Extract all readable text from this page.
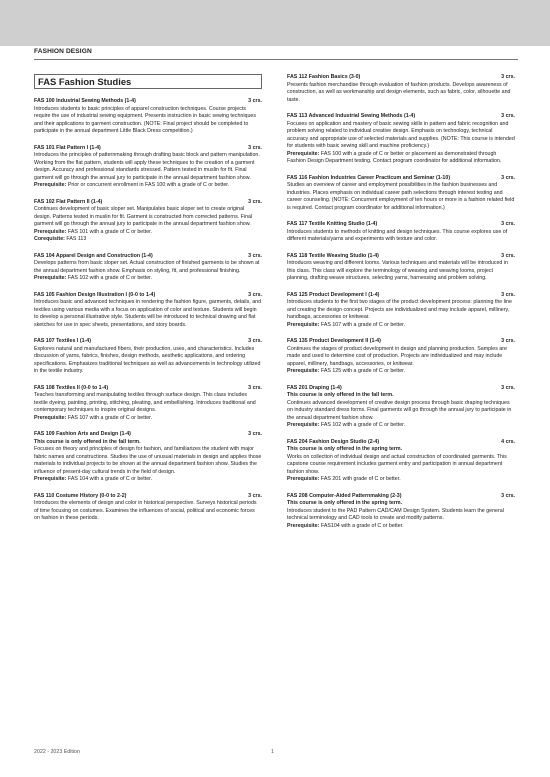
FASHION DESIGN
FAS Fashion Studies
FAS 100 Industrial Sewing Methods (1-4)	3 crs.

Introduces students to basic principles of apparel construction techniques. Course projects require the use of industrial sewing equipment. Presents instruction in basic sewing techniques and their applications to garment construction. (NOTE: Final project should be completed to participate in the annual department Little Black Dress competition.)

FAS 101 Flat Pattern I (1-4)	3 crs.

Introduces the principles of patternmaking through drafting basic block and pattern manipulation. Working from the flat pattern, students will apply these techniques to the creation of a garment design. Accuracy and professional standards stressed. Pattern tested in muslin for fit. Final garment will go through the annual jury to participate in the annual department fashion show.

Prerequisite: Prior or concurrent enrollment in FAS 100 with a grade of C or better.

FAS 102 Flat Pattern II (1-4)	3 crs.

Continues development of basic sloper set. Manipulates basic sloper set to create original design. Patterns tested in muslin for fit. Garment is constructed from corrected patterns. Final garment will go through the annual jury to participate in the annual department fashion show.

Prerequisite: FAS 101 with a grade of C or better.

Corequisite: FAS 113

FAS 104 Apparel Design and Construction (1-4)	3 crs.

Develops patterns from basic sloper set. Actual construction of finished garments to be shown at the annual department fashion show. Emphasis on styling, fit, and professional finishing.

Prerequisite: FAS 102 with a grade of C or better.

FAS 105 Fashion Design Illustration I (0-0 to 1-4)	3 crs.

Introduces basic and advanced techniques in rendering the fashion figure, garments, details, and textiles using various media with a focus on application of color and texture. Students will begin to develop a personal illustrative style. Students will be introduced to technical drawing and flat sketches for use in spec sheets, presentations, and story boards.

FAS 107 Textiles I (1-4)	3 crs.

Explores natural and manufactured fibers, their production, uses, and characteristics. Includes discussion of yarns, fabrics, finishes, design methods, aesthetic applications, and ordering specifications. Emphasizes traditional techniques as well as advancements in technology utilized in the textile industry.

FAS 108 Textiles II (0-0 to 1-4)	3 crs.

Teaches transforming and manipulating textiles through surface design. This class includes textile dyeing, painting, printing, stitching, pleating, and embellishing. Introduces traditional and contemporary techniques to inspire original designs.

Prerequisite: FAS 107 with a grade of C or better.

FAS 109 Fashion Arts and Design (1-4)	3 crs.
This course is only offered in the fall term.

Focuses on theory and principles of design for fashion, and familiarizes the student with major fabric names and constructions. Studies the use of unusual materials in design and applies those materials to individual projects to be shown at the annual department fashion show. Studies the influence of present-day cultural trends in the field of design.

Prerequisite: FAS 104 with a grade of C or better.

FAS 110 Costume History (0-0 to 2-2)	3 crs.

Introduces the elements of design and color in historical perspective. Surveys historical periods of time focusing on costumes. Examines the influences of social, political and economic forces on fashion in these periods.

FAS 112 Fashion Basics (3-0)	3 crs.

Presents fashion merchandise through evaluation of fashion products. Develops awareness of construction, as well as workmanship and design elements, such as fabric, color, silhouette and taste.

FAS 113 Advanced Industrial Sewing Methods (1-4)	3 crs.

Focuses on application and mastery of basic sewing skills in pattern and fabric recognition and problem solving related to individual creative design. Emphasis on technology, technical accuracy and appropriate use of selected materials and supplies. (NOTE: This course is intended for students with basic sewing skill and machine proficiency.)

Prerequisite: FAS 100 with a grade of C or better or placement as demonstrated through Fashion Design Department testing. Contact program coordinator for additional information.

FAS 116 Fashion Industries Career Practicum and Seminar (1-10)	3 crs.

Studies an overview of career and employment possibilities in the fashion businesses and industries. Places emphasis on individual career path selections through interest testing and career counseling. (NOTE: Concurrent employment of ten hours or more in a fashion related field is required. Contact program coordinator for additional information.)

FAS 117 Textile Knitting Studio (1-4)	3 crs.

Introduces students to methods of knitting and design techniques. This course explores use of different materials/yarns and experiments with texture and color.

FAS 118 Textile Weaving Studio (1-4)	3 crs.

Introduces weaving and different looms. Various techniques and materials will be introduced in this class. This class will explore the terminology of weaving and weaving looms, project planning, drafting weave structures, selecting yarns, harnessing and problem solving.

FAS 125 Product Development I (1-4)	3 crs.

Introduces students to the first two stages of the product development process: planning the line and creating the design concept. Projects are individualized and may include apparel, millinery, handbags, accessories or knitwear.

Prerequisite: FAS 107 with a grade of C or better.

FAS 135 Product Development II (1-4)	3 crs.

Continues the stages of product development in design and planning production. Samples are made and used to determine cost of production. Projects are individualized and may include apparel, millinery, handbags, accessories, or knitwear.

Prerequisite: FAS 125 with a grade of C or better.

FAS 201 Draping (1-4)	3 crs.
This course is only offered in the fall term.

Continues advanced development of creative design process through basic draping techniques on industry standard dress forms. Final garments will go through the annual jury to participate in the annual department fashion show.

Prerequisite: FAS 102 with a grade of C or better.

FAS 204 Fashion Design Studio (2-4)	4 crs.
This course is only offered in the spring term.

Works on collection of individual design and actual construction of coordinated garments. This capstone course requirement includes garment entry and participation in annual department fashion show.

Prerequisite: FAS 201 with grade of C or better.

FAS 208 Computer-Aided Patternmaking (2-3)	3 crs.
This course is only offered in the spring term.

Introduces student to the PAD Pattern CAD/CAM Design System. Students learn the general technical terminology and CAD tools to create and modify patterns.

Prerequisite: FAS104 with a grade of C or better.

2022 - 2023 Edition	1
